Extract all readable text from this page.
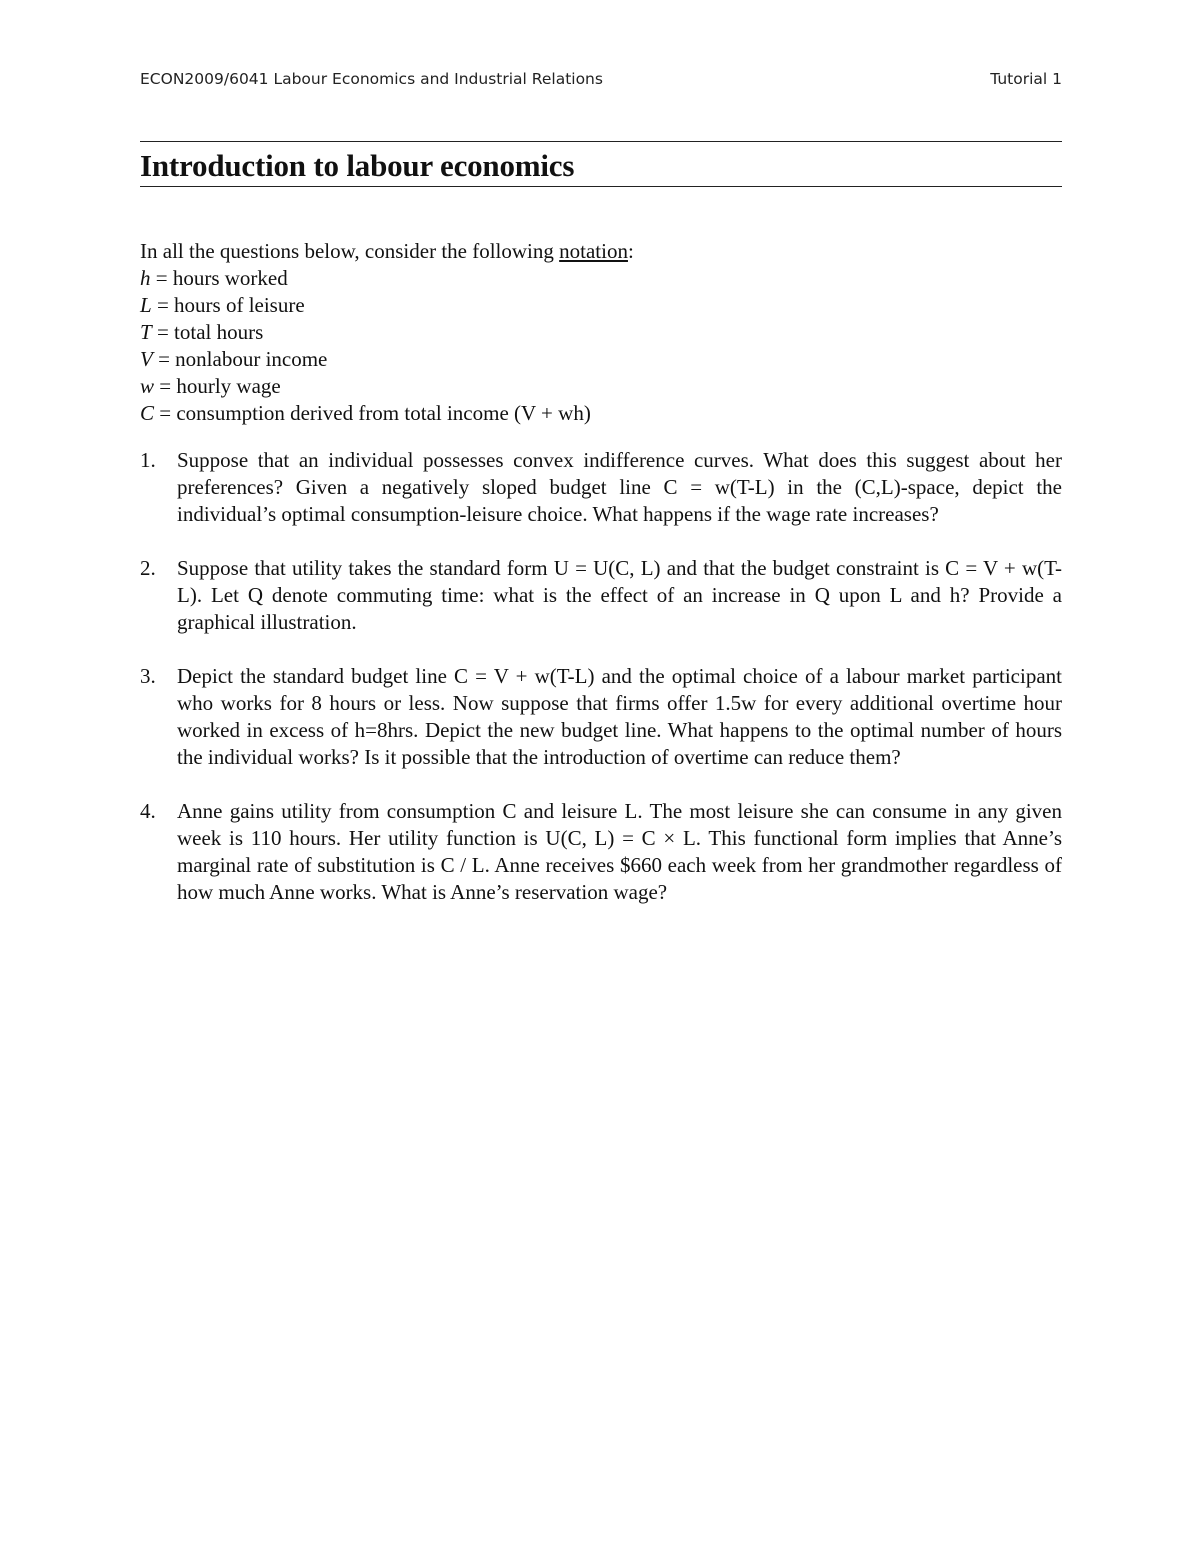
ECON2009/6041 Labour Economics and Industrial Relations	Tutorial 1
Introduction to labour economics

In all the questions below, consider the following notation:

h = hours worked
L = hours of leisure
T = total hours
V = nonlabour income
w = hourly wage
C = consumption derived from total income (V + wh)
1. Suppose that an individual possesses convex indifference curves. What does this suggest about her preferences? Given a negatively sloped budget line C = w(T-L) in the (C,L)-space, depict the individual’s optimal consumption-leisure choice. What happens if the wage rate increases?
2. Suppose that utility takes the standard form U = U(C, L) and that the budget constraint is C = V + w(T-L). Let Q denote commuting time: what is the effect of an increase in Q upon L and h? Provide a graphical illustration.
3. Depict the standard budget line C = V + w(T-L) and the optimal choice of a labour market participant who works for 8 hours or less. Now suppose that firms offer 1.5w for every additional overtime hour worked in excess of h=8hrs. Depict the new budget line. What happens to the optimal number of hours the individual works? Is it possible that the introduction of overtime can reduce them?
4. Anne gains utility from consumption C and leisure L. The most leisure she can consume in any given week is 110 hours. Her utility function is U(C, L) = C × L. This functional form implies that Anne’s marginal rate of substitution is C / L. Anne receives $660 each week from her grandmother regardless of how much Anne works. What is Anne’s reservation wage?
